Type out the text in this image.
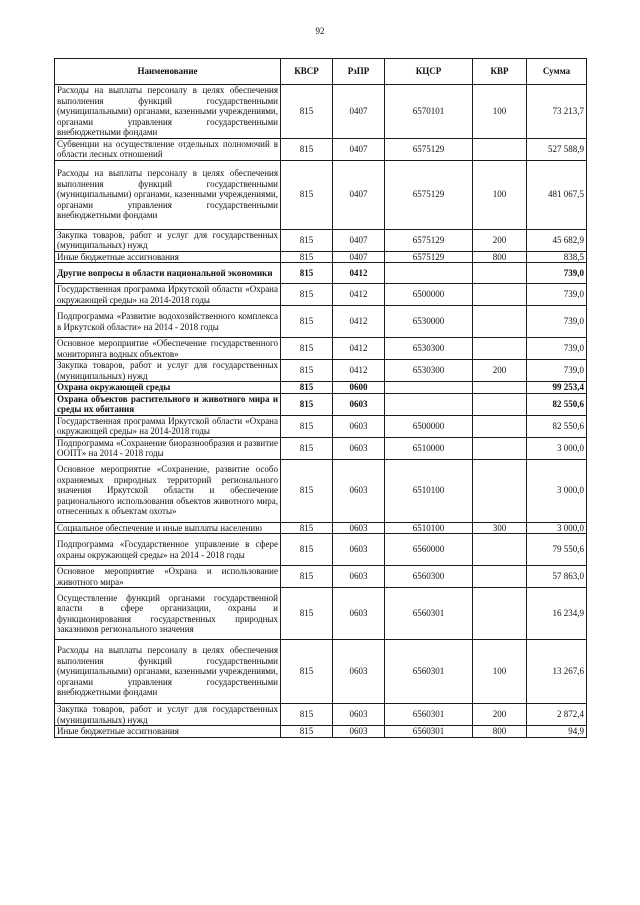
92
Наименование	КВСР	РзПР	КЦСР	КВР	Сумма
Расходы на выплаты персоналу в целях обеспечения выполнения функций государственными (муниципальными) органами, казенными учреждениями, органами управления государственными внебюджетными фондами	815	0407	6570101	100	73 213,7
Субвенции на осуществление отдельных полномочий в области лесных отношений	815	0407	6575129		527 588,9
Расходы на выплаты персоналу в целях обеспечения выполнения функций государственными (муниципальными) органами, казенными учреждениями, органами управления государственными внебюджетными фондами	815	0407	6575129	100	481 067,5
Закупка товаров, работ и услуг для государственных (муниципальных) нужд	815	0407	6575129	200	45 682,9
Иные бюджетные ассигнования	815	0407	6575129	800	838,5
Другие вопросы в области национальной экономики	815	0412			739,0
Государственная программа Иркутской области «Охрана окружающей среды» на 2014-2018 годы	815	0412	6500000		739,0
Подпрограмма «Развитие водохозяйственного комплекса в Иркутской области» на 2014 - 2018 годы	815	0412	6530000		739,0
Основное мероприятие «Обеспечение государственного мониторинга водных объектов»	815	0412	6530300		739,0
Закупка товаров, работ и услуг для государственных (муниципальных) нужд	815	0412	6530300	200	739,0
Охрана окружающей среды	815	0600			99 253,4
Охрана объектов растительного и животного мира и среды их обитания	815	0603			82 550,6
Государственная программа Иркутской области «Охрана окружающей среды» на 2014-2018 годы	815	0603	6500000		82 550,6
Подпрограмма «Сохранение биоразнообразия и развитие ООПТ» на 2014 - 2018 годы	815	0603	6510000		3 000,0
Основное мероприятие «Сохранение, развитие особо охраняемых природных территорий регионального значения Иркутской области и обеспечение рационального использования объектов животного мира, отнесенных к объектам охоты»	815	0603	6510100		3 000,0
Социальное обеспечение и иные выплаты населению	815	0603	6510100	300	3 000,0
Подпрограмма «Государственное управление в сфере охраны окружающей среды» на 2014 - 2018 годы	815	0603	6560000		79 550,6
Основное мероприятие «Охрана и использование животного мира»	815	0603	6560300		57 863,0
Осуществление функций органами государственной власти в сфере организации, охраны и функционирования государственных природных заказников регионального значения	815	0603	6560301		16 234,9
Расходы на выплаты персоналу в целях обеспечения выполнения функций государственными (муниципальными) органами, казенными учреждениями, органами управления государственными внебюджетными фондами	815	0603	6560301	100	13 267,6
Закупка товаров, работ и услуг для государственных (муниципальных) нужд	815	0603	6560301	200	2 872,4
Иные бюджетные ассигнования	815	0603	6560301	800	94,9
